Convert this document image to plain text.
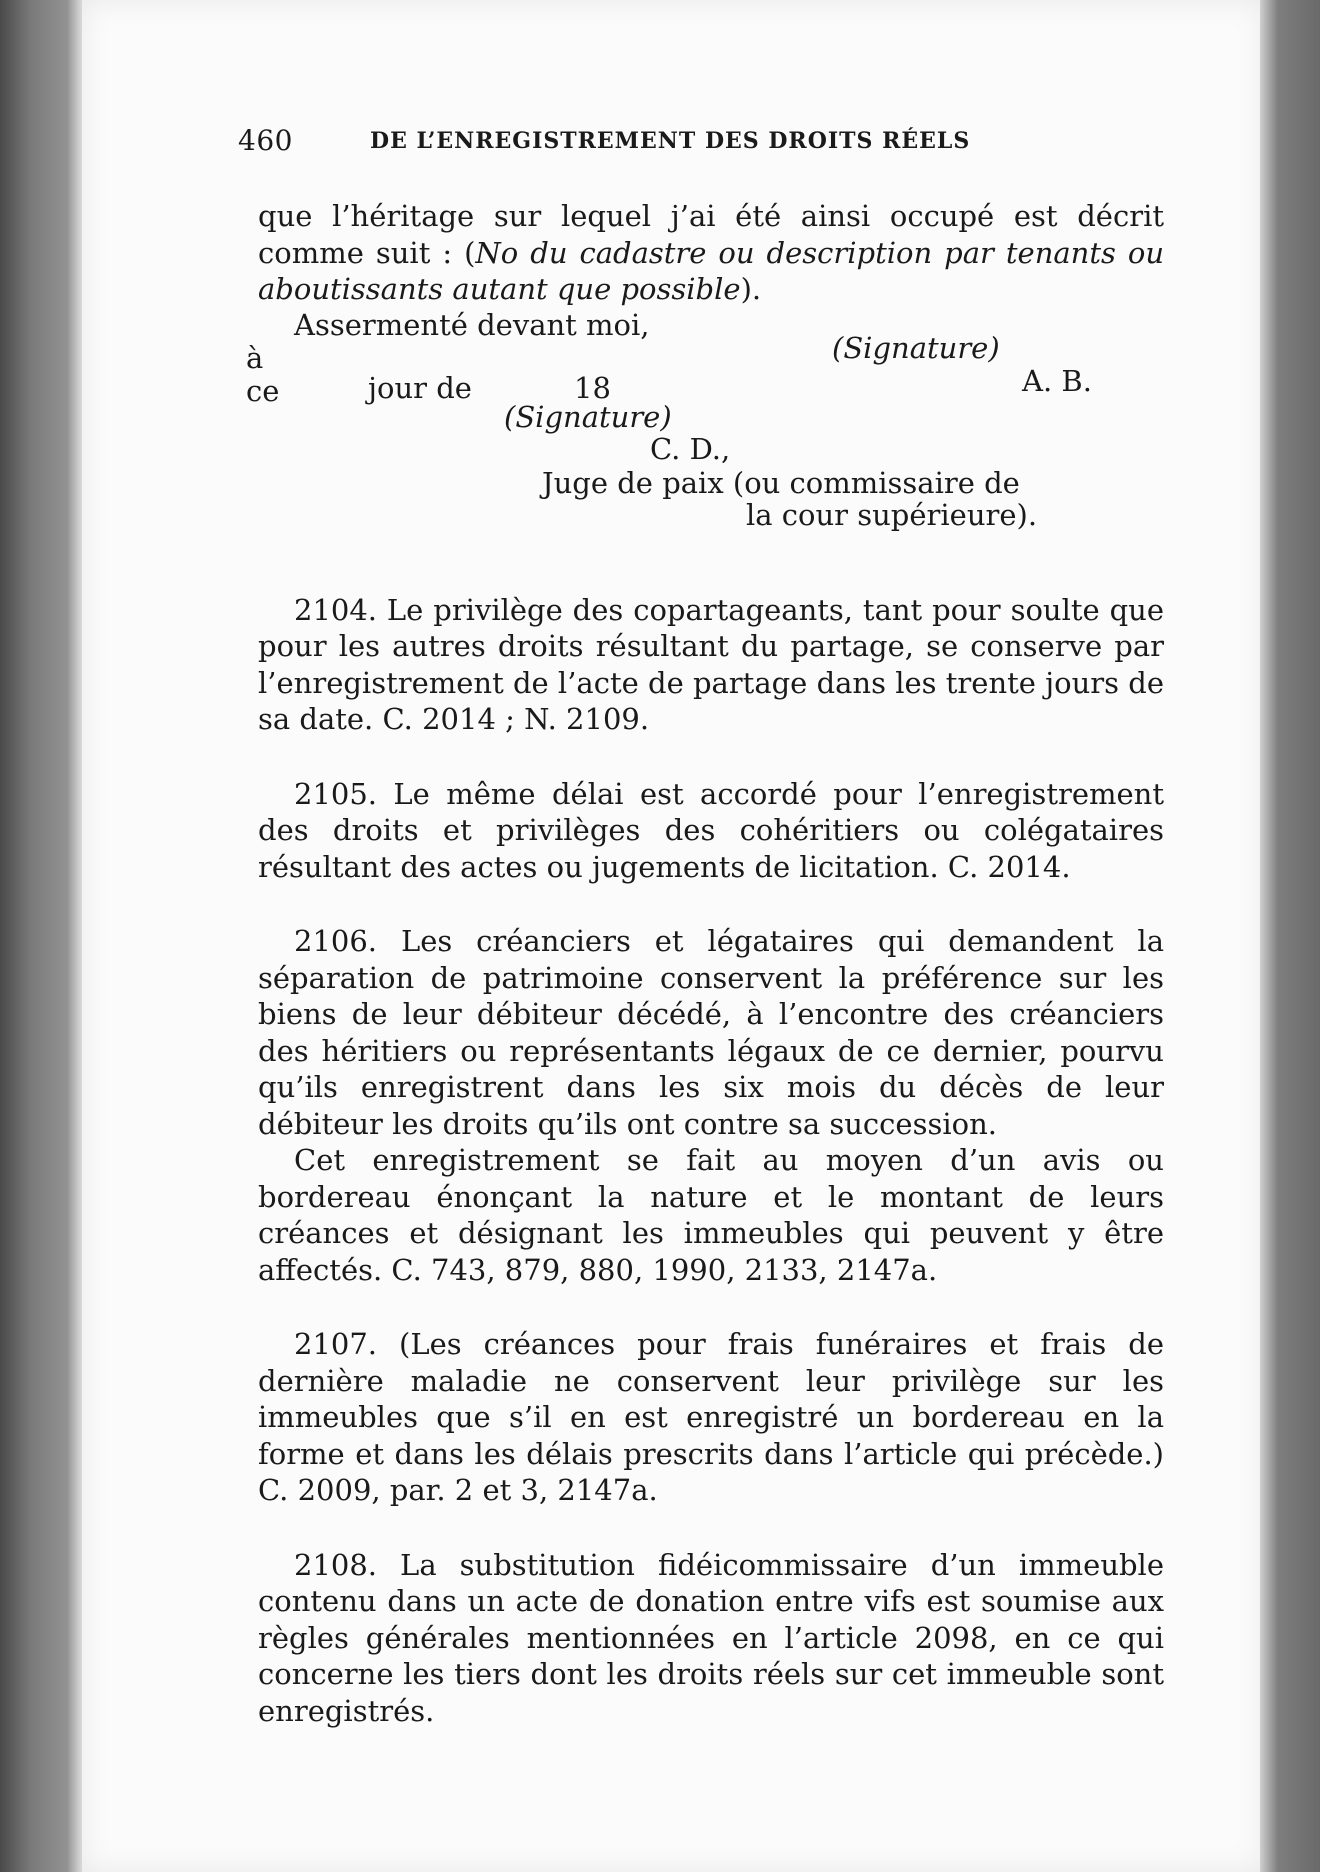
460	DE L’ENREGISTREMENT DES DROITS RÉELS

que l’héritage sur lequel j’ai été ainsi occupé est décrit comme suit : (No du cadastre ou description par tenants ou aboutissants autant que possible).

Assermenté devant moi,
à	(Signature)
ce	jour de	18	A. B.
(Signature)
C. D.,
Juge de paix (ou commissaire de
la cour supérieure).

2104. Le privilège des copartageants, tant pour soulte que pour les autres droits résultant du partage, se conserve par l’enregistrement de l’acte de partage dans les trente jours de sa date. C. 2014 ; N. 2109.

2105. Le même délai est accordé pour l’enregistrement des droits et privilèges des cohéritiers ou colégataires résultant des actes ou jugements de licitation. C. 2014.

2106. Les créanciers et légataires qui demandent la séparation de patrimoine conservent la préférence sur les biens de leur débiteur décédé, à l’encontre des créanciers des héritiers ou représentants légaux de ce dernier, pourvu qu’ils enregistrent dans les six mois du décès de leur débiteur les droits qu’ils ont contre sa succession.

Cet enregistrement se fait au moyen d’un avis ou bordereau énonçant la nature et le montant de leurs créances et désignant les immeubles qui peuvent y être affectés. C. 743, 879, 880, 1990, 2133, 2147a.

2107. (Les créances pour frais funéraires et frais de dernière maladie ne conservent leur privilège sur les immeubles que s’il en est enregistré un bordereau en la forme et dans les délais prescrits dans l’article qui précède.) C. 2009, par. 2 et 3, 2147a.

2108. La substitution fidéicommissaire d’un immeuble contenu dans un acte de donation entre vifs est soumise aux règles générales mentionnées en l’article 2098, en ce qui concerne les tiers dont les droits réels sur cet immeuble sont enregistrés.
